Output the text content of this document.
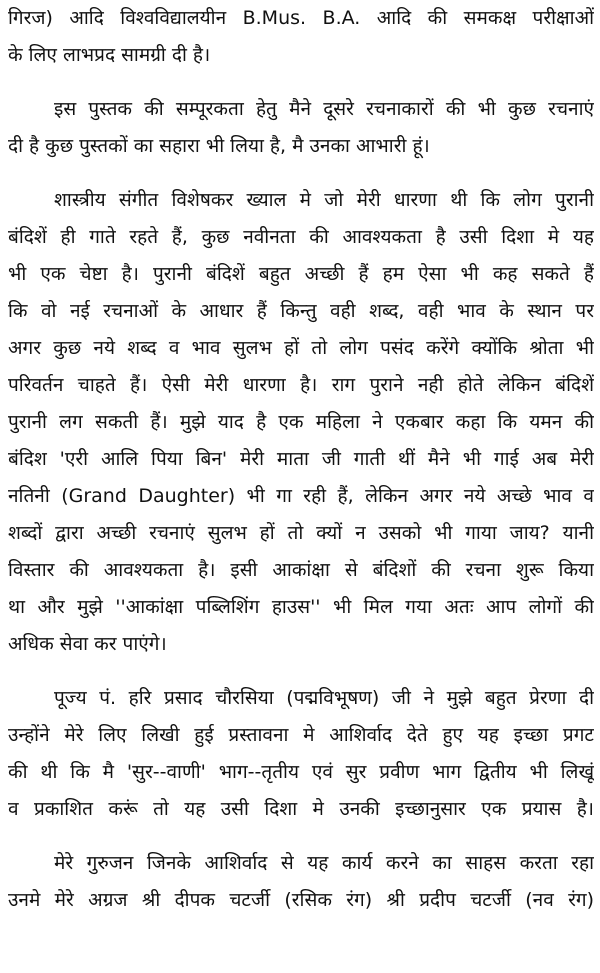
गिरज) आदि विश्वविद्यालयीन B.Mus. B.A. आदि की समकक्ष परीक्षाओं
के लिए लाभप्रद सामग्री दी है।
इस पुस्तक की सम्पूरकता हेतु मैने दूसरे रचनाकारों की भी कुछ रचनाएं
दी है कुछ पुस्तकों का सहारा भी लिया है, मै उनका आभारी हूं।
शास्त्रीय संगीत विशेषकर ख्याल मे जो मेरी धारणा थी कि लोग पुरानी
बंदिशें ही गाते रहते हैं, कुछ नवीनता की आवश्यकता है उसी दिशा मे यह
भी एक चेष्टा है। पुरानी बंदिशें बहुत अच्छी हैं हम ऐसा भी कह सकते हैं
कि वो नई रचनाओं के आधार हैं किन्तु वही शब्द, वही भाव के स्थान पर
अगर कुछ नये शब्द व भाव सुलभ हों तो लोग पसंद करेंगे क्योंकि श्रोता भी
परिवर्तन चाहते हैं। ऐसी मेरी धारणा है। राग पुराने नही होते लेकिन बंदिशें
पुरानी लग सकती हैं। मुझे याद है एक महिला ने एकबार कहा कि यमन की
बंदिश 'एरी आलि पिया बिन' मेरी माता जी गाती थीं मैने भी गाई अब मेरी
नतिनी (Grand Daughter) भी गा रही हैं, लेकिन अगर नये अच्छे भाव व
शब्दों द्वारा अच्छी रचनाएं सुलभ हों तो क्यों न उसको भी गाया जाय? यानी
विस्तार की आवश्यकता है। इसी आकांक्षा से बंदिशों की रचना शुरू किया
था और मुझे ''आकांक्षा पब्लिशिंग हाउस'' भी मिल गया अतः आप लोगों की
अधिक सेवा कर पाएंगे।
पूज्य पं. हरि प्रसाद चौरसिया (पद्मविभूषण) जी ने मुझे बहुत प्रेरणा दी
उन्होंने मेरे लिए लिखी हुई प्रस्तावना मे आशिर्वाद देते हुए यह इच्छा प्रगट
की थी कि मै 'सुर--वाणी' भाग--तृतीय एवं सुर प्रवीण भाग द्वितीय भी लिखूं
व प्रकाशित करूं तो यह उसी दिशा मे उनकी इच्छानुसार एक प्रयास है।
मेरे गुरुजन जिनके आशिर्वाद से यह कार्य करने का साहस करता रहा
उनमे मेरे अग्रज श्री दीपक चटर्जी (रसिक रंग) श्री प्रदीप चटर्जी (नव रंग)
